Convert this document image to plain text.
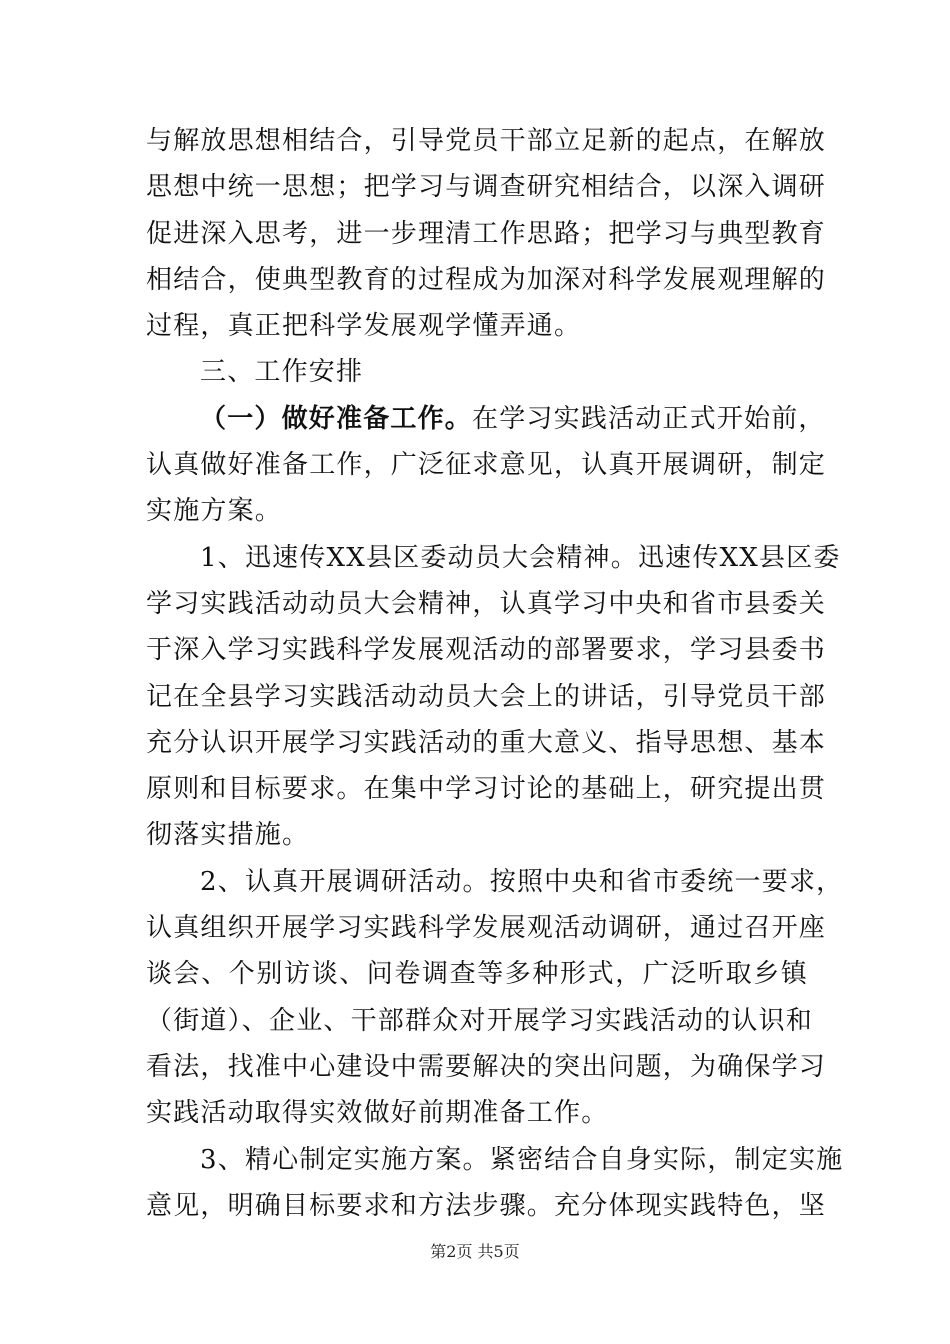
与解放思想相结合，引导党员干部立足新的起点，在解放
思想中统一思想；把学习与调查研究相结合，以深入调研
促进深入思考，进一步理清工作思路；把学习与典型教育
相结合，使典型教育的过程成为加深对科学发展观理解的
过程，真正把科学发展观学懂弄通。
三、工作安排
（一）做好准备工作。在学习实践活动正式开始前，
认真做好准备工作，广泛征求意见，认真开展调研，制定
实施方案。
1、迅速传XX县区委动员大会精神。迅速传XX县区委
学习实践活动动员大会精神，认真学习中央和省市县委关
于深入学习实践科学发展观活动的部署要求，学习县委书
记在全县学习实践活动动员大会上的讲话，引导党员干部
充分认识开展学习实践活动的重大意义、指导思想、基本
原则和目标要求。在集中学习讨论的基础上，研究提出贯
彻落实措施。
2、认真开展调研活动。按照中央和省市委统一要求，
认真组织开展学习实践科学发展观活动调研，通过召开座
谈会、个别访谈、问卷调查等多种形式，广泛听取乡镇
（街道）、企业、干部群众对开展学习实践活动的认识和
看法，找准中心建设中需要解决的突出问题，为确保学习
实践活动取得实效做好前期准备工作。
3、精心制定实施方案。紧密结合自身实际，制定实施
意见，明确目标要求和方法步骤。充分体现实践特色，坚
第2页 共5页
